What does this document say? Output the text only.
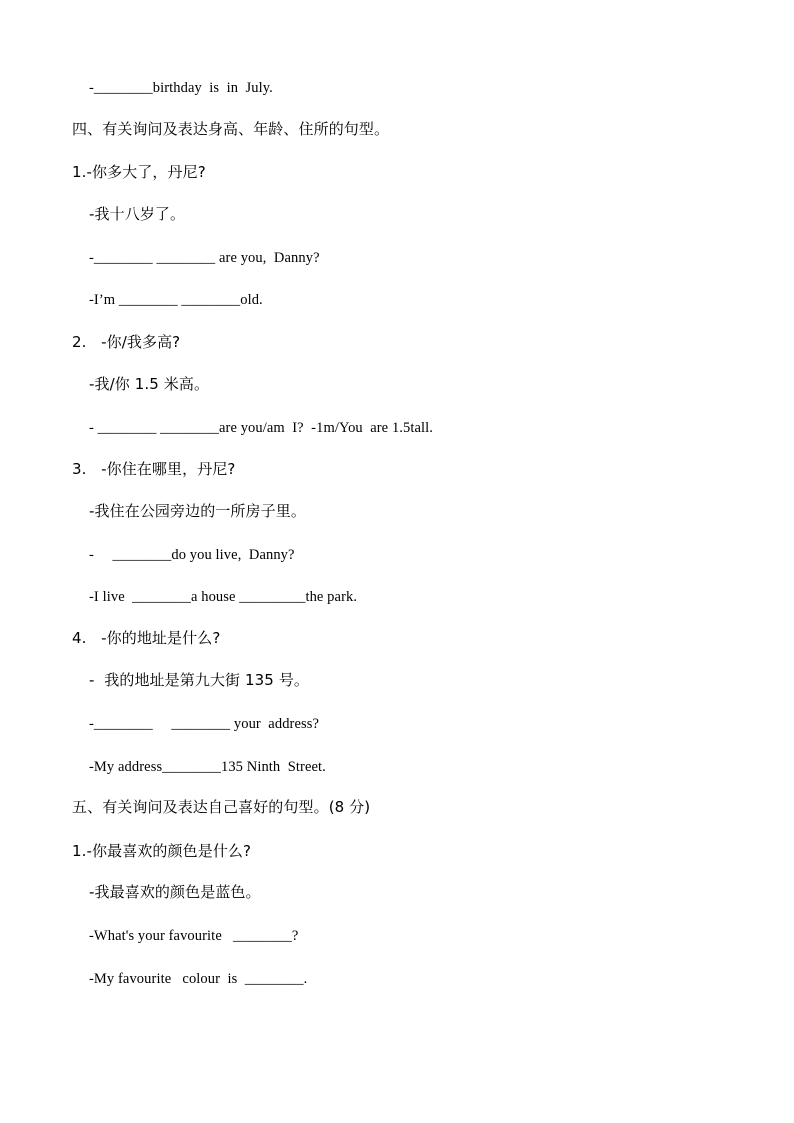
-________birthday  is  in  July.
四、有关询问及表达身高、年龄、住所的句型。
1.-你多大了，丹尼?
-我十八岁了。
-________ ________ are you,  Danny?
-I’m ________ ________old.
2.   -你/我多高?
-我/你 1.5 米高。
- ________ ________are you/am  I?  -1m/You  are 1.5tall.
3.   -你住在哪里，丹尼?
-我住在公园旁边的一所房子里。
-     ________do you live,  Danny?
-I live  ________a house _________the park.
4.   -你的地址是什么?
-  我的地址是第九大街 135 号。
-________     ________ your  address?
-My address________135 Ninth  Street.
五、有关询问及表达自己喜好的句型。(8 分)
1.-你最喜欢的颜色是什么?
-我最喜欢的颜色是蓝色。
-What's your favourite   ________?
-My favourite   colour  is  ________.
